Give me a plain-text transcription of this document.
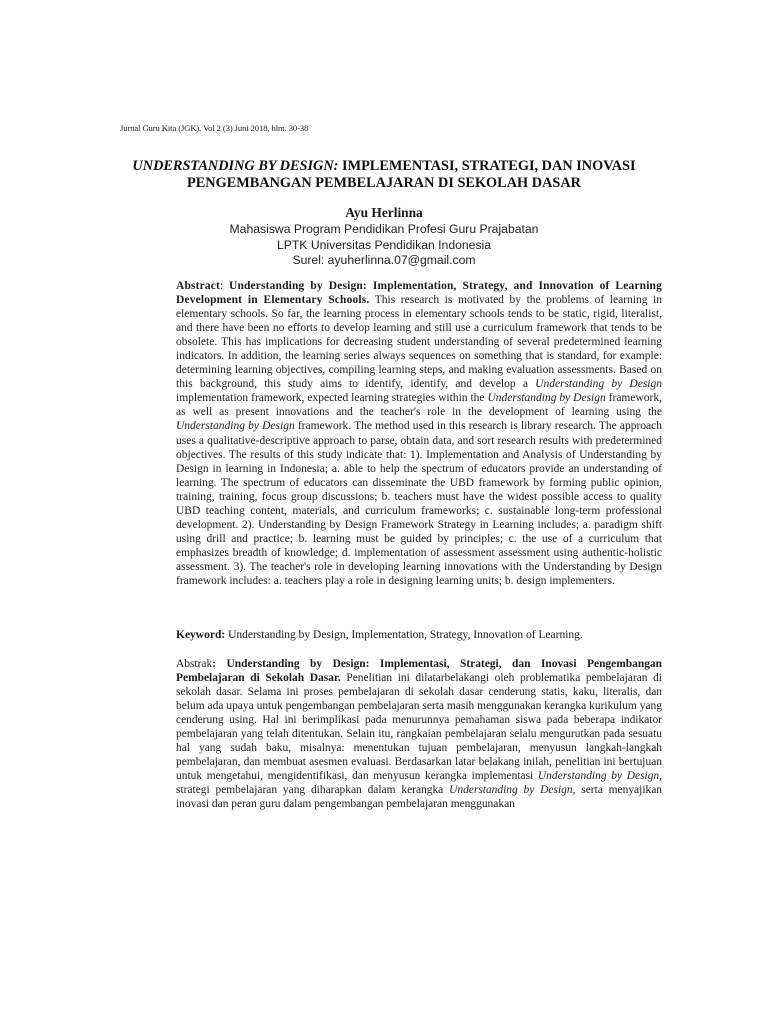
Jurnal Guru Kita (JGK). Vol 2 (3) Juni 2018, hlm. 30-38
UNDERSTANDING BY DESIGN: IMPLEMENTASI, STRATEGI, DAN INOVASI
PENGEMBANGAN PEMBELAJARAN DI SEKOLAH DASAR
Ayu Herlinna
Mahasiswa Program Pendidikan Profesi Guru Prajabatan
LPTK Universitas Pendidikan Indonesia
Surel: ayuherlinna.07@gmail.com
Abstract: Understanding by Design: Implementation, Strategy, and Innovation of Learning Development in Elementary Schools. This research is motivated by the problems of learning in elementary schools. So far, the learning process in elementary schools tends to be static, rigid, literalist, and there have been no efforts to develop learning and still use a curriculum framework that tends to be obsolete. This has implications for decreasing student understanding of several predetermined learning indicators. In addition, the learning series always sequences on something that is standard, for example: determining learning objectives, compiling learning steps, and making evaluation assessments. Based on this background, this study aims to identify, identify, and develop a Understanding by Design implementation framework, expected learning strategies within the Understanding by Design framework, as well as present innovations and the teacher's role in the development of learning using the Understanding by Design framework. The method used in this research is library research. The approach uses a qualitative-descriptive approach to parse, obtain data, and sort research results with predetermined objectives. The results of this study indicate that: 1). Implementation and Analysis of Understanding by Design in learning in Indonesia; a. able to help the spectrum of educators provide an understanding of learning. The spectrum of educators can disseminate the UBD framework by forming public opinion, training, training, focus group discussions; b. teachers must have the widest possible access to quality UBD teaching content, materials, and curriculum frameworks; c. sustainable long-term professional development. 2). Understanding by Design Framework Strategy in Learning includes; a. paradigm shift using drill and practice; b. learning must be guided by principles; c. the use of a curriculum that emphasizes breadth of knowledge; d. implementation of assessment assessment using authentic-holistic assessment. 3). The teacher's role in developing learning innovations with the Understanding by Design framework includes: a. teachers play a role in designing learning units; b. design implementers.
Keyword: Understanding by Design, Implementation, Strategy, Innovation of Learning.
Abstrak: Understanding by Design: Implementasi, Strategi, dan Inovasi Pengembangan Pembelajaran di Sekolah Dasar. Penelitian ini dilatarbelakangi oleh problematika pembelajaran di sekolah dasar. Selama ini proses pembelajaran di sekolah dasar cenderung statis, kaku, literalis, dan belum ada upaya untuk pengembangan pembelajaran serta masih menggunakan kerangka kurikulum yang cenderung using. Hal ini berimplikasi pada menurunnya pemahaman siswa pada beberapa indikator pembelajaran yang telah ditentukan. Selain itu, rangkaian pembelajaran selalu mengurutkan pada sesuatu hal yang sudah baku, misalnya: menentukan tujuan pembelajaran, menyusun langkah-langkah pembelajaran, dan membuat asesmen evaluasi. Berdasarkan latar belakang inilah, penelitian ini bertujuan untuk mengetahui, mengidentifikasi, dan menyusun kerangka implementasi Understanding by Design, strategi pembelajaran yang diharapkan dalam kerangka Understanding by Design, serta menyajikan inovasi dan peran guru dalam pengembangan pembelajaran menggunakan
